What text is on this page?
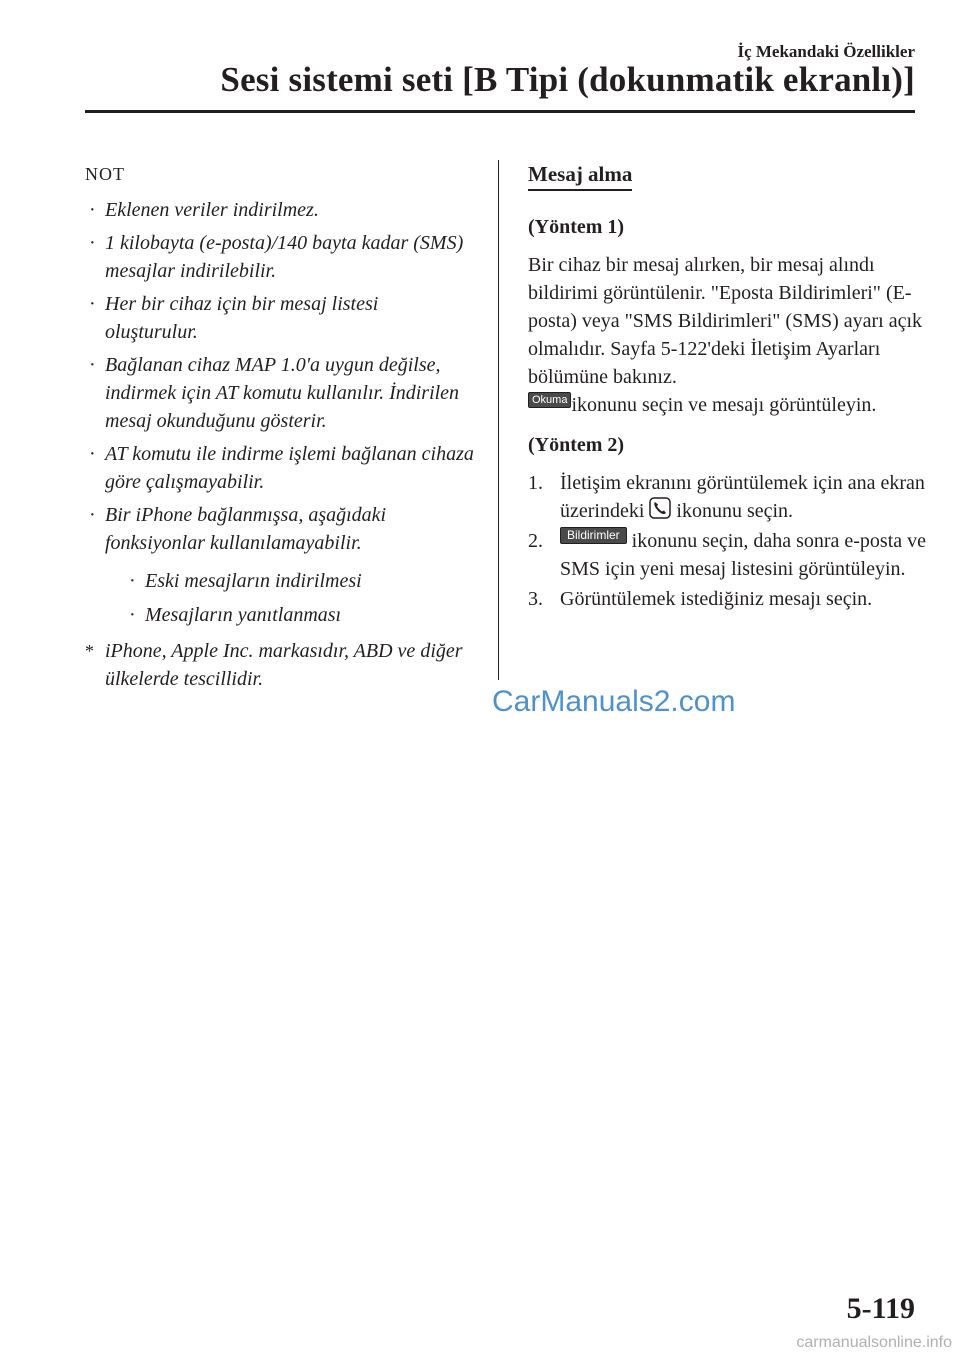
İç Mekandaki Özellikler

Sesi sistemi seti [B Tipi (dokunmatik ekranlı)]

NOT

· Eklenen veriler indirilmez.
· 1 kilobayta (e-posta)/140 bayta kadar (SMS) mesajlar indirilebilir.
· Her bir cihaz için bir mesaj listesi oluşturulur.
· Bağlanan cihaz MAP 1.0'a uygun değilse, indirmek için AT komutu kullanılır. İndirilen mesaj okunduğunu gösterir.
· AT komutu ile indirme işlemi bağlanan cihaza göre çalışmayabilir.
· Bir iPhone bağlanmışsa, aşağıdaki fonksiyonlar kullanılamayabilir.
· Eski mesajların indirilmesi
· Mesajların yanıtlanması
* iPhone, Apple Inc. markasıdır, ABD ve diğer ülkelerde tescillidir.
Mesaj alma

(Yöntem 1)

Bir cihaz bir mesaj alırken, bir mesaj alındı bildirimi görüntülenir. "Eposta Bildirimleri" (E-posta) veya "SMS Bildirimleri" (SMS) ayarı açık olmalıdır. Sayfa 5-122'deki İletişim Ayarları bölümüne bakınız.

Okuma ikonunu seçin ve mesajı görüntüleyin.

(Yöntem 2)

1. İletişim ekranını görüntülemek için ana ekran üzerindeki ikonunu seçin.
2. Bildirimler ikonunu seçin, daha sonra e-posta ve SMS için yeni mesaj listesini görüntüleyin.
3. Görüntülemek istediğiniz mesajı seçin.

CarManuals2.com

5-119

carmanualsonline.info
